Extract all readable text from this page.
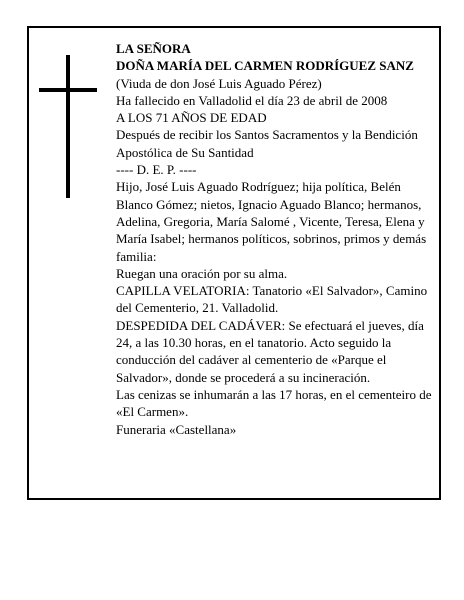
LA SEÑORA

DOÑA MARÍA DEL CARMEN RODRÍGUEZ SANZ

(Viuda de don José Luis Aguado Pérez)

Ha fallecido en Valladolid el día 23 de abril de 2008

A LOS 71 AÑOS DE EDAD

Después de recibir los Santos Sacramentos y la Bendición Apostólica de Su Santidad

---- D. E. P. ----

Hijo, José Luis Aguado Rodríguez; hija política, Belén Blanco Gómez; nietos, Ignacio Aguado Blanco; hermanos, Adelina, Gregoria, María Salomé , Vicente, Teresa, Elena y María Isabel; hermanos políticos, sobrinos, primos y demás familia:

Ruegan una oración por su alma.

CAPILLA VELATORIA: Tanatorio «El Salvador», Camino del Cementerio, 21. Valladolid.

DESPEDIDA DEL CADÁVER: Se efectuará el jueves, día 24, a las 10.30 horas, en el tanatorio. Acto seguido la conducción del cadáver al cementerio de «Parque el Salvador», donde se procederá a su incineración.

Las cenizas se inhumarán a las 17 horas, en el cementeiro de «El Carmen».

Funeraria «Castellana»
